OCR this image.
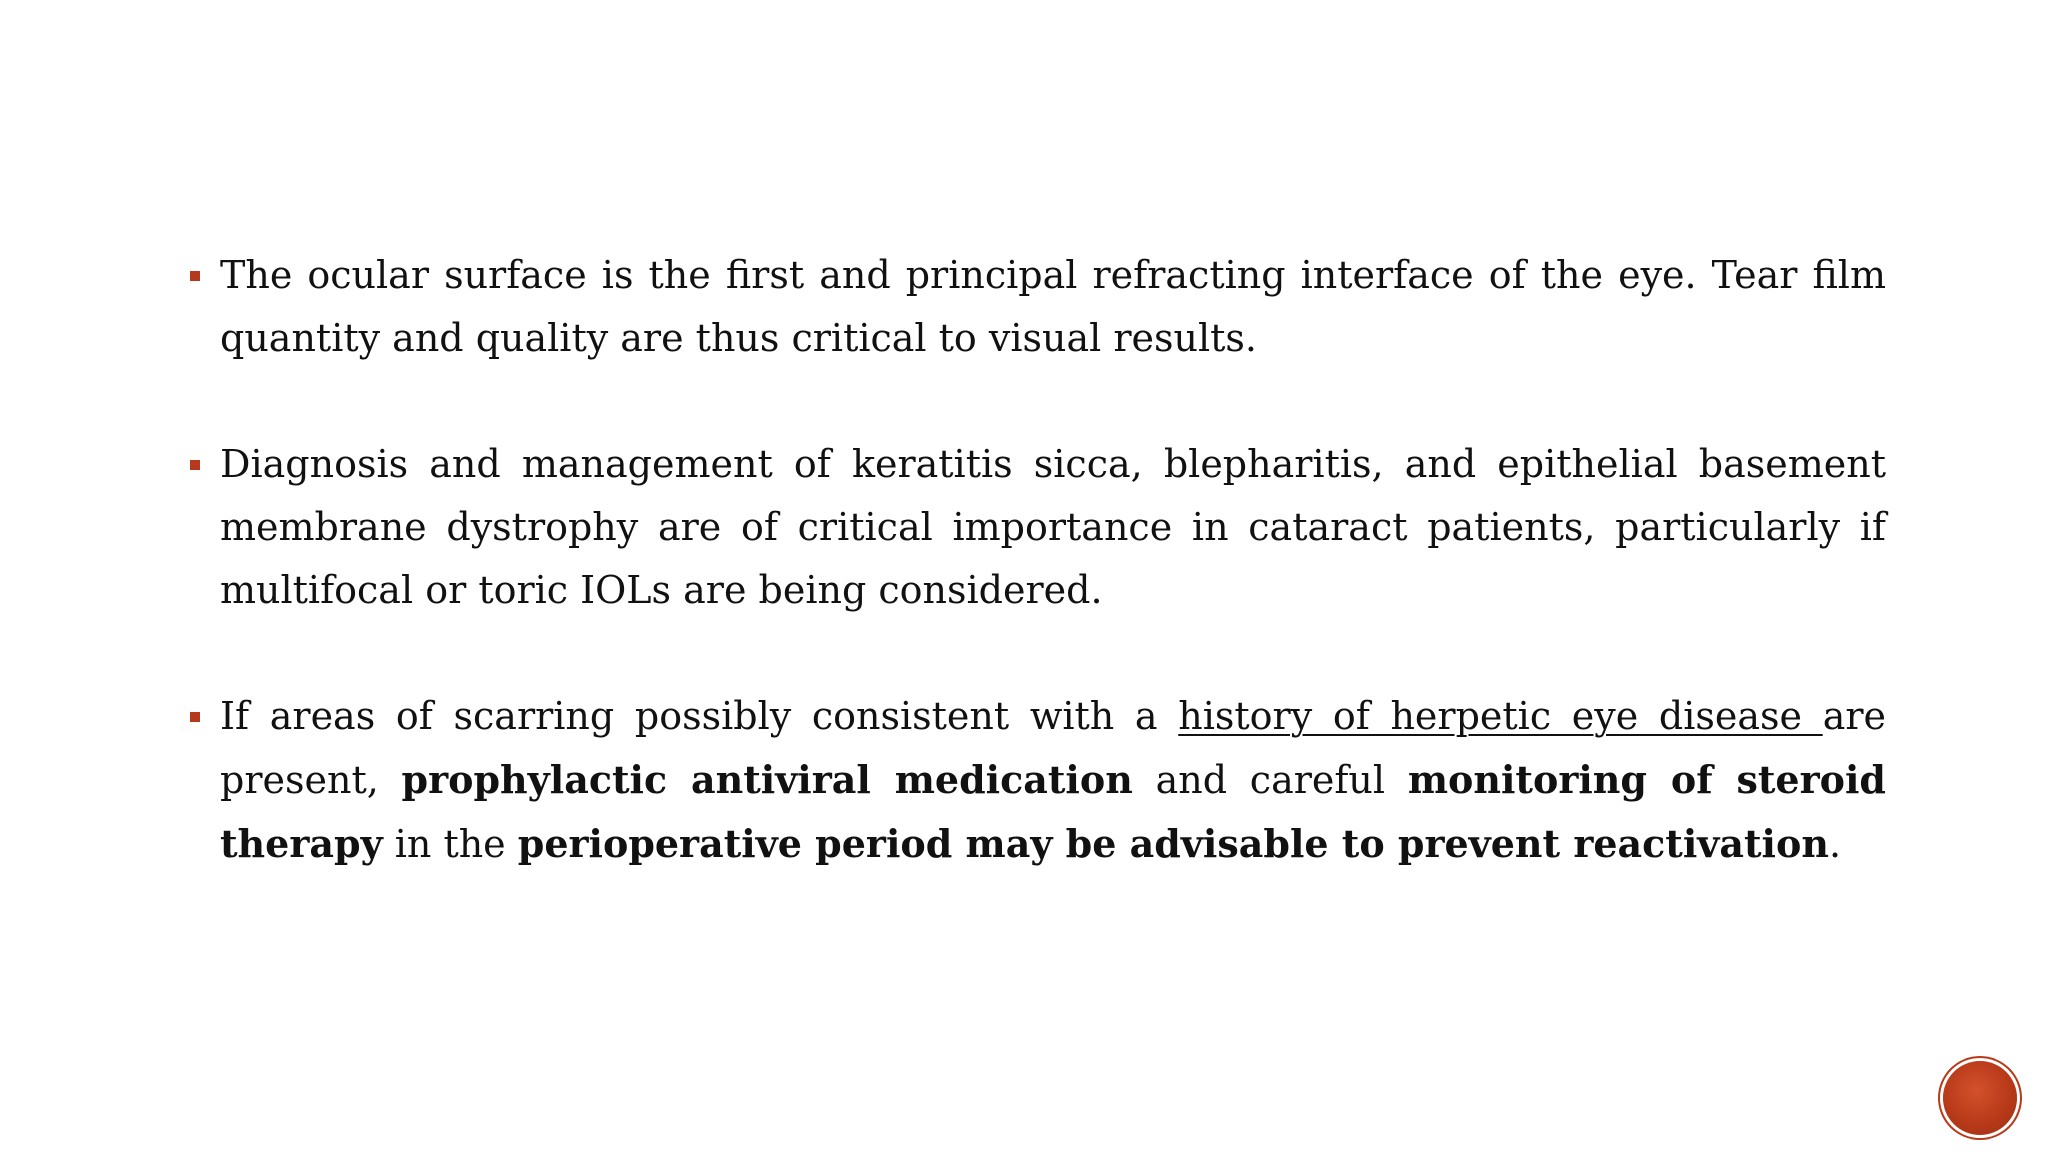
The ocular surface is the first and principal refracting interface of the eye. Tear film quantity and quality are thus critical to visual results.
Diagnosis and management of keratitis sicca, blepharitis, and epithelial basement membrane dystrophy are of critical importance in cataract patients, particularly if multifocal or toric IOLs are being considered.
If areas of scarring possibly consistent with a history of herpetic eye disease are present, prophylactic antiviral medication and careful monitoring of steroid therapy in the perioperative period may be advisable to prevent reactivation.
